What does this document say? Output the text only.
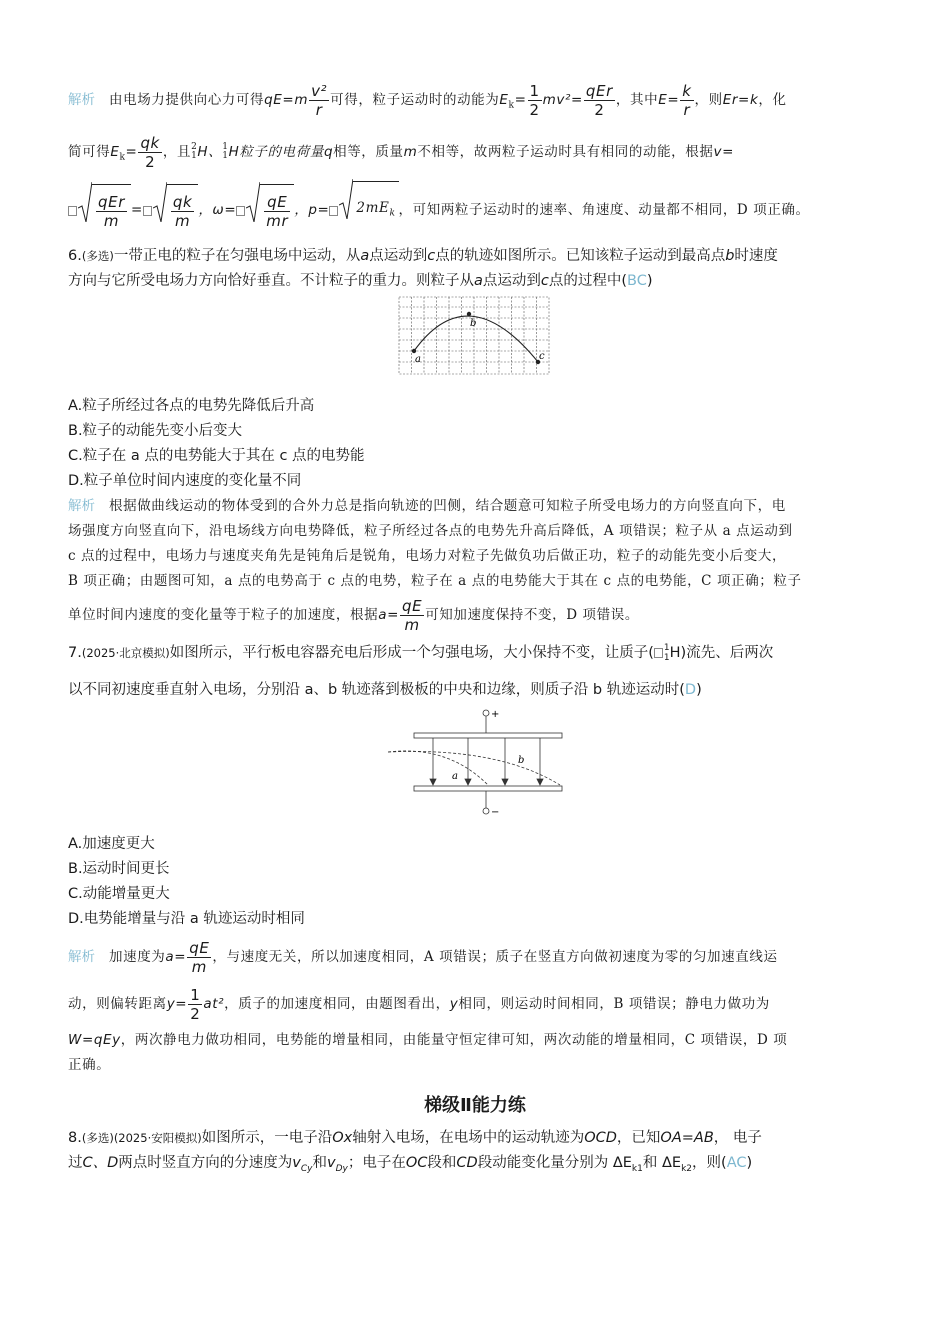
解析 由电场力提供向心力可得$qE=m \frac{\text{v²}}{r}$ 可得，粒子运动时的动能为$E_k= \frac{1}{2} mv^2= \frac{\text{qEr}}{2}$ ，其中$E= \frac{k}{r}$ ，则Er=k，化

简可得$E_k= \frac{qk}{2}$ ，且2
1H、1
1H粒子的电荷量q相等，质量m不相等，故两粒子运动时具有相同的动能，根据v=

$\frac{\text{qEr}}{m} = \frac{qk}{m}$ ，$\omega= \frac{qE}{mr}$ ，$p= 2mE_k$ ，可知两粒子运动时的速率、角速度、动量都不相同，D 项正确。

6.(多选)一带正电的粒子在匀强电场中运动，从a点运动到c点的轨迹如图所示。已知该粒子运动到最高点b时速度

方向与它所受电场力方向恰好垂直。不计粒子的重力。则粒子从a点运动到c点的过程中(BC)

a
b
c

A.粒子所经过各点的电势先降低后升高

B.粒子的动能先变小后变大

C.粒子在 a 点的电势能大于其在 c 点的电势能

D.粒子单位时间内速度的变化量不同

解析 根据做曲线运动的物体受到的合外力总是指向轨迹的凹侧，结合题意可知粒子所受电场力的方向竖直向下，电

场强度方向竖直向下，沿电场线方向电势降低，粒子所经过各点的电势先升高后降低，A 项错误；粒子从 a 点运动到

c 点的过程中，电场力与速度夹角先是钝角后是锐角，电场力对粒子先做负功后做正功，粒子的动能先变小后变大，

B 项正确；由题图可知，a 点的电势高于 c 点的电势，粒子在 a 点的电势能大于其在 c 点的电势能，C 项正确；粒子

单位时间内速度的变化量等于粒子的加速度，根据$a= \frac{qE}{m}$ 可知加速度保持不变，D 项错误。

7.(2025·北京模拟)如图所示，平行板电容器充电后形成一个匀强电场，大小保持不变，让质子( 1
1H)流先、后两次

以不同初速度垂直射入电场，分别沿 a、b 轨迹落到极板的中央和边缘，则质子沿 b 轨迹运动时(D)

+
−
a
b

A.加速度更大

B.运动时间更长

C.动能增量更大

D.电势能增量与沿 a 轨迹运动时相同

解析 加速度为$a= \frac{qE}{m}$ ，与速度无关，所以加速度相同，A 项错误；质子在竖直方向做初速度为零的匀加速直线运

动，则偏转距离$y= \frac{1}{2} at^2$，质子的加速度相同，由题图看出，y相同，则运动时间相同，B 项错误；静电力做功为

W=qEy，两次静电力做功相同，电势能的增量相同，由能量守恒定律可知，两次动能的增量相同，C 项错误，D 项

正确。

梯级Ⅱ能力练

8.(多选)(2025·安阳模拟)如图所示，一电子沿Ox轴射入电场，在电场中的运动轨迹为OCD，已知OA=AB， 电子

过C、D两点时竖直方向的分速度为$v_{Cy}$和$v_{Dy}$；电子在OC段和CD段动能变化量分别为 $\Delta E_{k1}$和 $\Delta E_{k2}$，则(AC)
